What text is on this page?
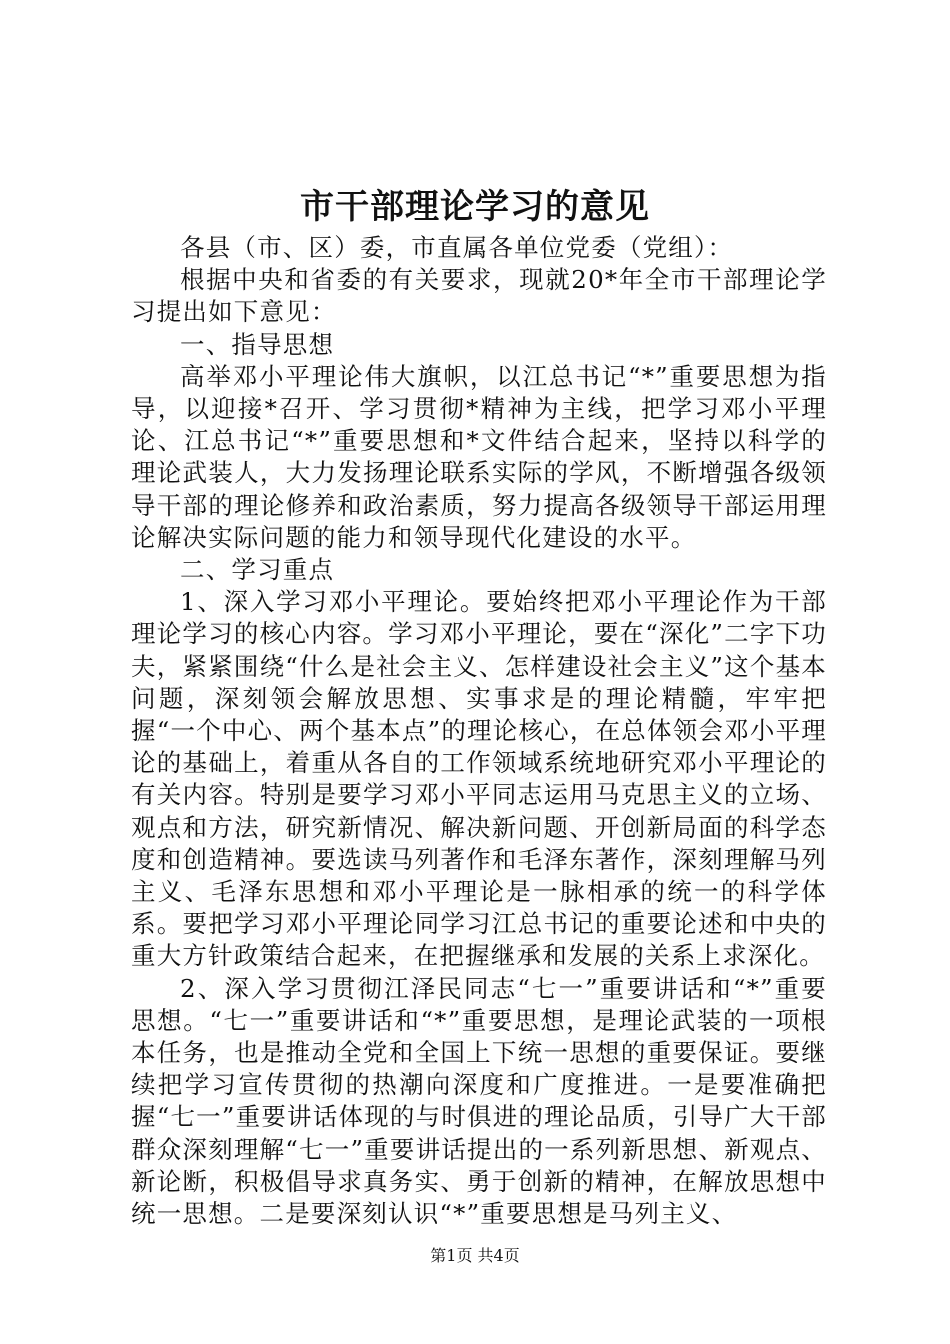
市干部理论学习的意见

各县（市、区）委，市直属各单位党委（党组）：

根据中央和省委的有关要求，现就20*年全市干部理论学习提出如下意见：

一、指导思想

高举邓小平理论伟大旗帜，以江总书记“*”重要思想为指导，以迎接*召开、学习贯彻*精神为主线，把学习邓小平理论、江总书记“*”重要思想和*文件结合起来，坚持以科学的理论武装人，大力发扬理论联系实际的学风，不断增强各级领导干部的理论修养和政治素质，努力提高各级领导干部运用理论解决实际问题的能力和领导现代化建设的水平。

二、学习重点

1、深入学习邓小平理论。要始终把邓小平理论作为干部理论学习的核心内容。学习邓小平理论，要在“深化”二字下功夫，紧紧围绕“什么是社会主义、怎样建设社会主义”这个基本问题，深刻领会解放思想、实事求是的理论精髓，牢牢把握“一个中心、两个基本点”的理论核心，在总体领会邓小平理论的基础上，着重从各自的工作领域系统地研究邓小平理论的有关内容。特别是要学习邓小平同志运用马克思主义的立场、观点和方法，研究新情况、解决新问题、开创新局面的科学态度和创造精神。要选读马列著作和毛泽东著作，深刻理解马列主义、毛泽东思想和邓小平理论是一脉相承的统一的科学体系。要把学习邓小平理论同学习江总书记的重要论述和中央的重大方针政策结合起来，在把握继承和发展的关系上求深化。

2、深入学习贯彻江泽民同志“七一”重要讲话和“*”重要思想。“七一”重要讲话和“*”重要思想，是理论武装的一项根本任务，也是推动全党和全国上下统一思想的重要保证。要继续把学习宣传贯彻的热潮向深度和广度推进。一是要准确把握“七一”重要讲话体现的与时俱进的理论品质，引导广大干部群众深刻理解“七一”重要讲话提出的一系列新思想、新观点、新论断，积极倡导求真务实、勇于创新的精神，在解放思想中统一思想。二是要深刻认识“*”重要思想是马列主义、

第1页 共4页
